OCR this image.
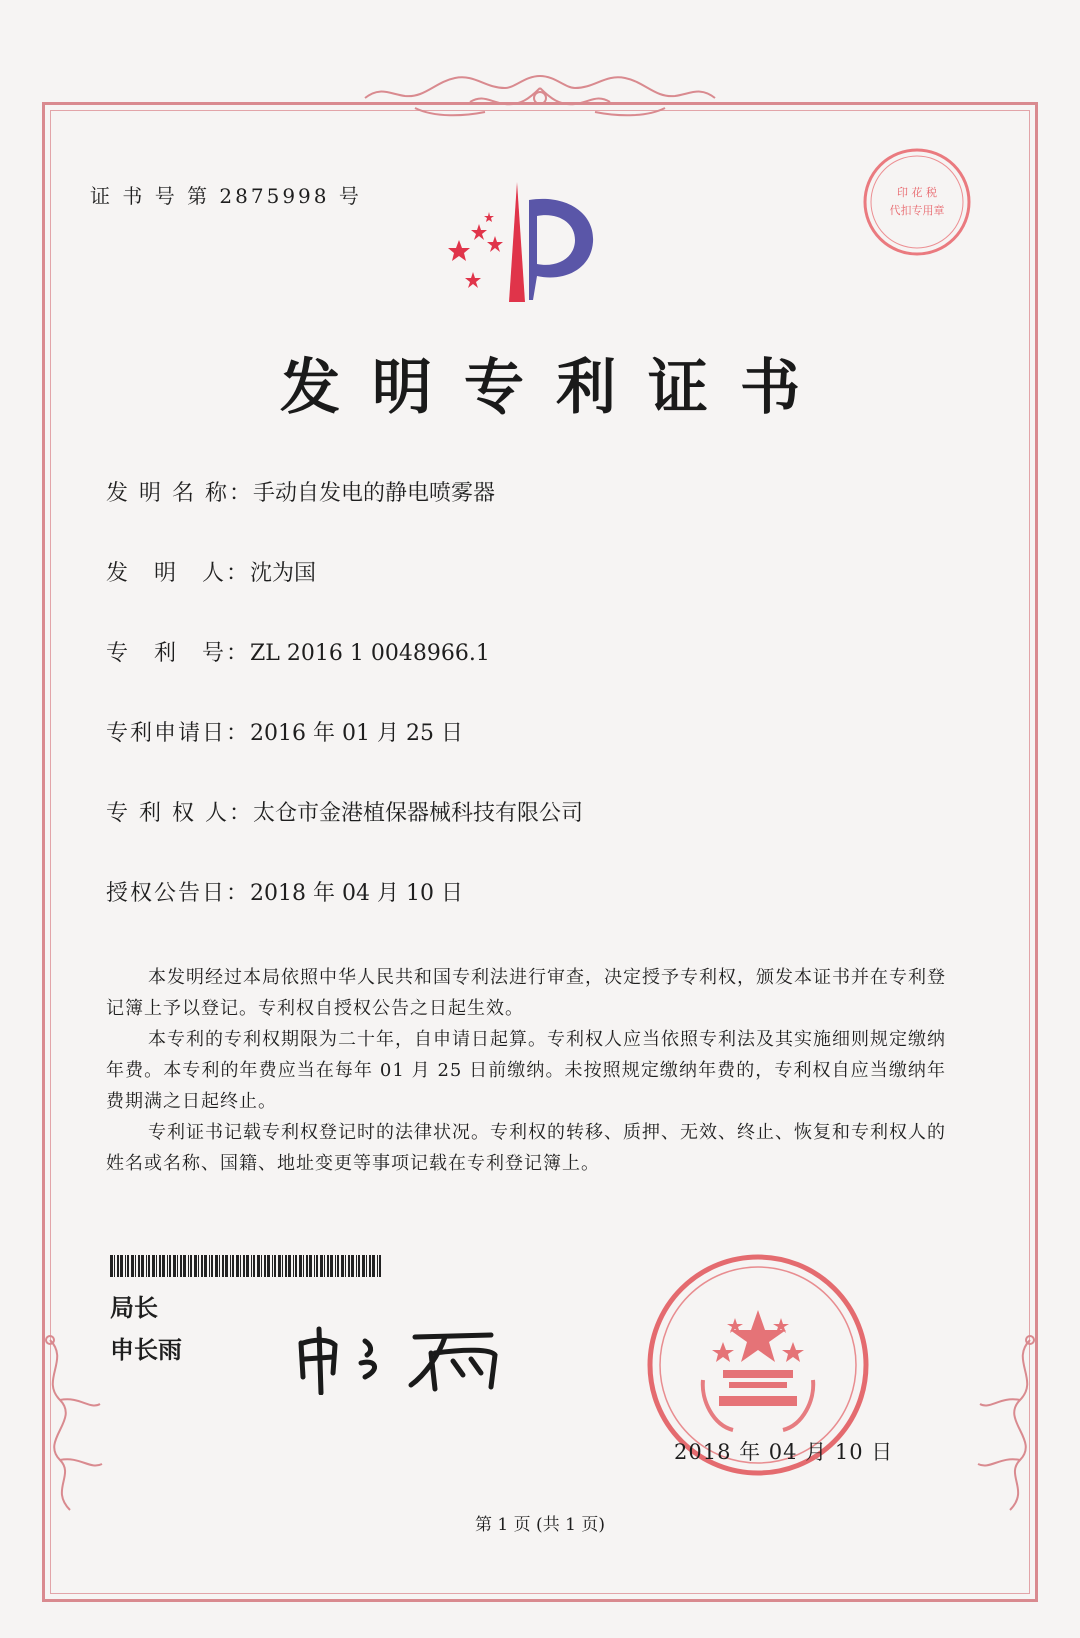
证 书 号 第 2875998 号	印 花 税
代扣专用章
发明专利证书
发 明 名 称：手动自发电的静电喷雾器
发　明　人：沈为国
专　利　号：ZL 2016 1 0048966.1
专利申请日：2016 年 01 月 25 日
专 利 权 人：太仓市金港植保器械科技有限公司
授权公告日：2018 年 04 月 10 日

本发明经过本局依照中华人民共和国专利法进行审查，决定授予专利权，颁发本证书并在专利登记簿上予以登记。专利权自授权公告之日起生效。

本专利的专利权期限为二十年，自申请日起算。专利权人应当依照专利法及其实施细则规定缴纳年费。本专利的年费应当在每年 01 月 25 日前缴纳。未按照规定缴纳年费的，专利权自应当缴纳年费期满之日起终止。

专利证书记载专利权登记时的法律状况。专利权的转移、质押、无效、终止、恢复和专利权人的姓名或名称、国籍、地址变更等事项记载在专利登记簿上。

局长
申长雨
2018 年 04 月 10 日
第 1 页 (共 1 页)
